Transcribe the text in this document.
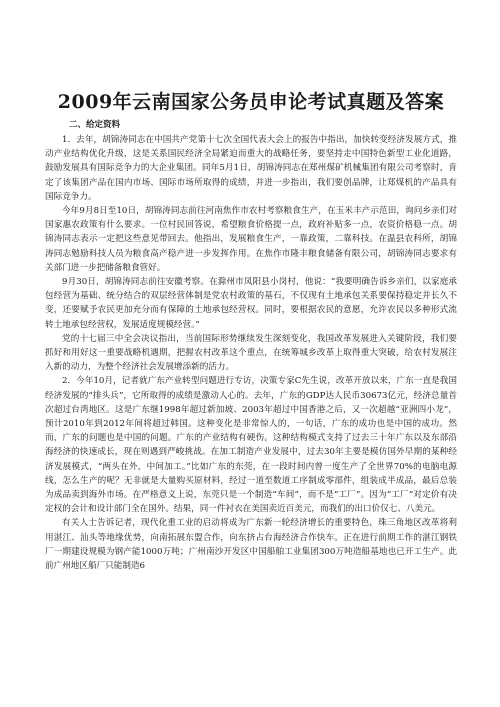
2009年云南国家公务员申论考试真题及答案
二、给定资料

1．去年，胡锦涛同志在中国共产党第十七次全国代表大会上的报告中指出，加快转变经济发展方式，推动产业结构优化升级，这是关系国民经济全局紧迫而重大的战略任务，要坚持走中国特色新型工业化道路，鼓励发展具有国际竞争力的大企业集团。同年5月1日，胡锦涛同志在郑州煤矿机械集团有限公司考察时，肯定了该集团产品在国内市场、国际市场所取得的成绩，并进一步指出，我们要创品牌，让郑煤机的产品具有国际竞争力。

今年9月8日至10日，胡锦涛同志前往河南焦作市农村考察粮食生产，在玉米丰产示范田，询问乡亲们对国家惠农政策有什么要求。一位村民回答说，希望粮食价格提一点，政府补贴多一点，农资价格稳一点。胡锦涛同志表示一定把这些意见带回去。他指出，发展粮食生产，一靠政策，二靠科技。在温县农科所，胡锦涛同志勉励科技人员为粮食高产稳产进一步发挥作用。在焦作市隆丰粮食储备有限公司，胡锦涛同志要求有关部门进一步把储备粮食管好。

9月30日，胡锦涛同志前往安徽考察。在滁州市凤阳县小岗村，他说：“我要明确告诉乡亲们，以家庭承包经营为基础、统分结合的双层经营体制是党农村政策的基石，不仅现有土地承包关系要保持稳定并长久不变，还要赋予农民更加充分而有保障的土地承包经营权。同时，要根据农民的意愿，允许农民以多种形式流转土地承包经营权，发展适度规模经营。”

党的十七届三中全会决议指出，当前国际形势继续发生深刻变化，我国改革发展进入关键阶段，我们要抓好和用好这一重要战略机遇期，把握农村改革这个重点，在统筹城乡改革上取得重大突破，给农村发展注入新的动力，为整个经济社会发展增添新的活力。

2．今年10月，记者就广东产业转型问题进行专访，决策专家C先生说，改革开放以来，广东一直是我国经济发展的“排头兵”，它所取得的成绩是激动人心的。去年，广东的GDP达人民币30673亿元，经济总量首次超过台湾地区。这是广东继1998年超过新加坡、2003年超过中国香港之后，又一次超越“亚洲四小龙”，预计2010年到2012年间将超过韩国。这种变化是非常惊人的，一句话，广东的成功也是中国的成功。然而，广东的问题也是中国的问题。广东的产业结构有硬伤。这种结构模式支持了过去三十年广东以及东部沿海经济的快速成长，现在则遇到严峻挑战。在加工制造产业发展中，过去30年主要是模仿国外早期的某种经济发展模式，“两头在外，中间加工。”比如广东的东莞，在一段时间内曾一度生产了全世界70%的电脑电源线，怎么生产的呢？无非就是大量购买原材料，经过一道至数道工序制成零部件，组装成半成品，最后总装为成品卖到海外市场。在严格意义上说，东莞只是一个制造“车间”，而不是“工厂”。因为“工厂”对定价有决定权的会计和设计部门全在国外。结果，同一件衬衣在美国卖近百美元，而我们的出口价仅七、八美元。

有关人士告诉记者，现代化重工业的启动将成为广东新一轮经济增长的重要特色，珠三角地区改革将利用湛江、汕头等地缘优势，向南拓展东盟合作，向东挤占台海经济合作快车。正在进行前期工作的湛江钢铁厂一期建设规模为钢产能1000万吨；广州南沙开发区中国船舶工业集团300万吨造船基地也已开工生产。此前广州地区船厂只能制造6
